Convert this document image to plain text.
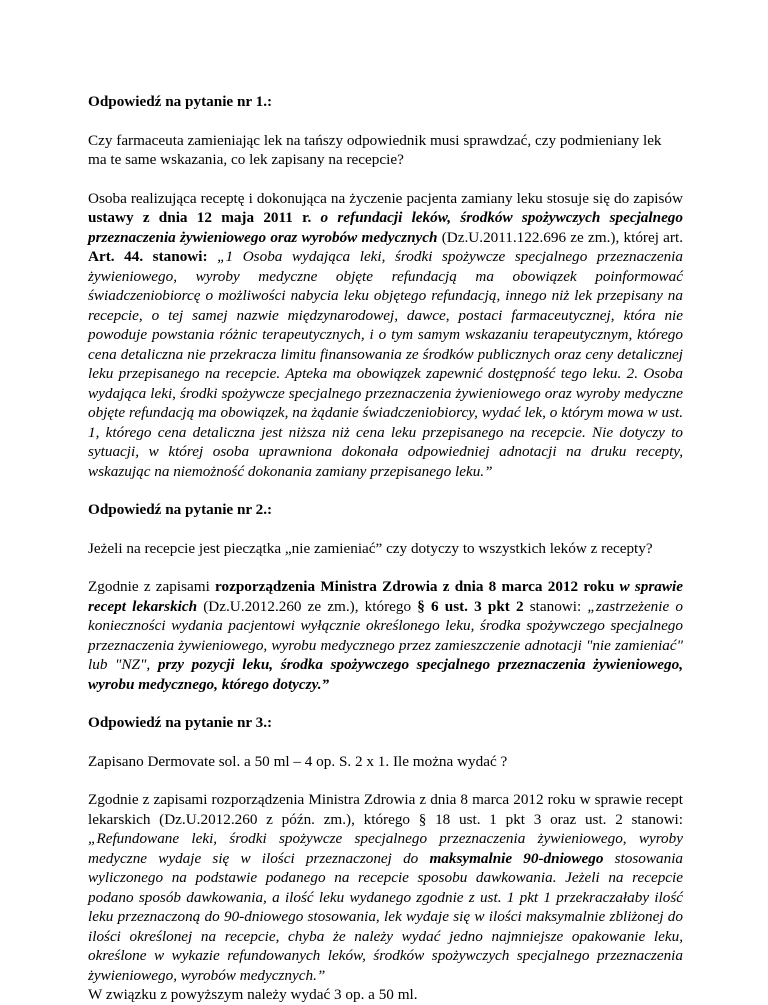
Odpowiedź na pytanie nr 1.:

Czy farmaceuta zamieniając lek na tańszy odpowiednik musi sprawdzać, czy podmieniany lek ma te same wskazania, co lek zapisany na recepcie?

Osoba realizująca receptę i dokonująca na życzenie pacjenta zamiany leku stosuje się do zapisów ustawy z dnia 12 maja 2011 r. o refundacji leków, środków spożywczych specjalnego przeznaczenia żywieniowego oraz wyrobów medycznych (Dz.U.2011.122.696 ze zm.), której art. Art. 44. stanowi: „1 Osoba wydająca leki, środki spożywcze specjalnego przeznaczenia żywieniowego, wyroby medyczne objęte refundacją ma obowiązek poinformować świadczeniobiorcę o możliwości nabycia leku objętego refundacją, innego niż lek przepisany na recepcie, o tej samej nazwie międzynarodowej, dawce, postaci farmaceutycznej, która nie powoduje powstania różnic terapeutycznych, i o tym samym wskazaniu terapeutycznym, którego cena detaliczna nie przekracza limitu finansowania ze środków publicznych oraz ceny detalicznej leku przepisanego na recepcie. Apteka ma obowiązek zapewnić dostępność tego leku. 2. Osoba wydająca leki, środki spożywcze specjalnego przeznaczenia żywieniowego oraz wyroby medyczne objęte refundacją ma obowiązek, na żądanie świadczeniobiorcy, wydać lek, o którym mowa w ust. 1, którego cena detaliczna jest niższa niż cena leku przepisanego na recepcie. Nie dotyczy to sytuacji, w której osoba uprawniona dokonała odpowiedniej adnotacji na druku recepty, wskazując na niemożność dokonania zamiany przepisanego leku.”

Odpowiedź na pytanie nr 2.:

Jeżeli na recepcie jest pieczątka „nie zamieniać” czy dotyczy to wszystkich leków z recepty?

Zgodnie z zapisami rozporządzenia Ministra Zdrowia z dnia 8 marca 2012 roku w sprawie recept lekarskich (Dz.U.2012.260 ze zm.), którego § 6 ust. 3 pkt 2 stanowi: „zastrzeżenie o konieczności wydania pacjentowi wyłącznie określonego leku, środka spożywczego specjalnego przeznaczenia żywieniowego, wyrobu medycznego przez zamieszczenie adnotacji "nie zamieniać" lub "NZ", przy pozycji leku, środka spożywczego specjalnego przeznaczenia żywieniowego, wyrobu medycznego, którego dotyczy.”

Odpowiedź na pytanie nr 3.:

Zapisano Dermovate sol. a 50 ml – 4 op. S. 2 x 1. Ile można wydać ?

Zgodnie z zapisami rozporządzenia Ministra Zdrowia z dnia 8 marca 2012 roku w sprawie recept lekarskich (Dz.U.2012.260 z późn. zm.), którego § 18 ust. 1 pkt 3 oraz ust. 2 stanowi: „Refundowane leki, środki spożywcze specjalnego przeznaczenia żywieniowego, wyroby medyczne wydaje się w ilości przeznaczonej do maksymalnie 90-dniowego stosowania wyliczonego na podstawie podanego na recepcie sposobu dawkowania. Jeżeli na recepcie podano sposób dawkowania, a ilość leku wydanego zgodnie z ust. 1 pkt 1 przekraczałaby ilość leku przeznaczoną do 90-dniowego stosowania, lek wydaje się w ilości maksymalnie zbliżonej do ilości określonej na recepcie, chyba że należy wydać jedno najmniejsze opakowanie leku, określone w wykazie refundowanych leków, środków spożywczych specjalnego przeznaczenia żywieniowego, wyrobów medycznych.”

W związku z powyższym należy wydać 3 op. a 50 ml.
